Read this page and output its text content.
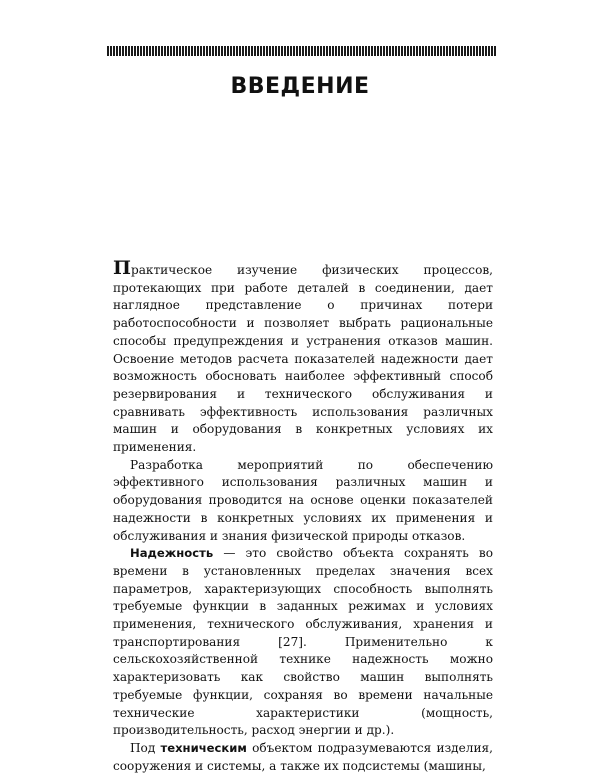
ВВЕДЕНИЕ

Практическое изучение физических процессов, протекающих при работе деталей в соединении, дает наглядное представление о причинах потери работоспособности и позволяет выбрать рациональные способы предупреждения и устранения отказов машин. Освоение методов расчета показателей надежности дает возможность обосновать наиболее эффективный способ резервирования и технического обслуживания и сравнивать эффективность использования различных машин и оборудования в конкретных условиях их применения.

Разработка мероприятий по обеспечению эффективного использования различных машин и оборудования проводится на основе оценки показателей надежности в конкретных условиях их применения и обслуживания и знания физической природы отказов.

Надежность — это свойство объекта сохранять во времени в установленных пределах значения всех параметров, характеризующих способность выполнять требуемые функции в заданных режимах и условиях применения, технического обслуживания, хранения и транспортирования [27]. Применительно к сельскохозяйственной технике надежность можно характеризовать как свойство машин выполнять требуемые функции, сохраняя во времени начальные технические характеристики (мощность, производительность, расход энергии и др.).

Под техническим объектом подразумеваются изделия, сооружения и системы, а также их подсистемы (машины,
